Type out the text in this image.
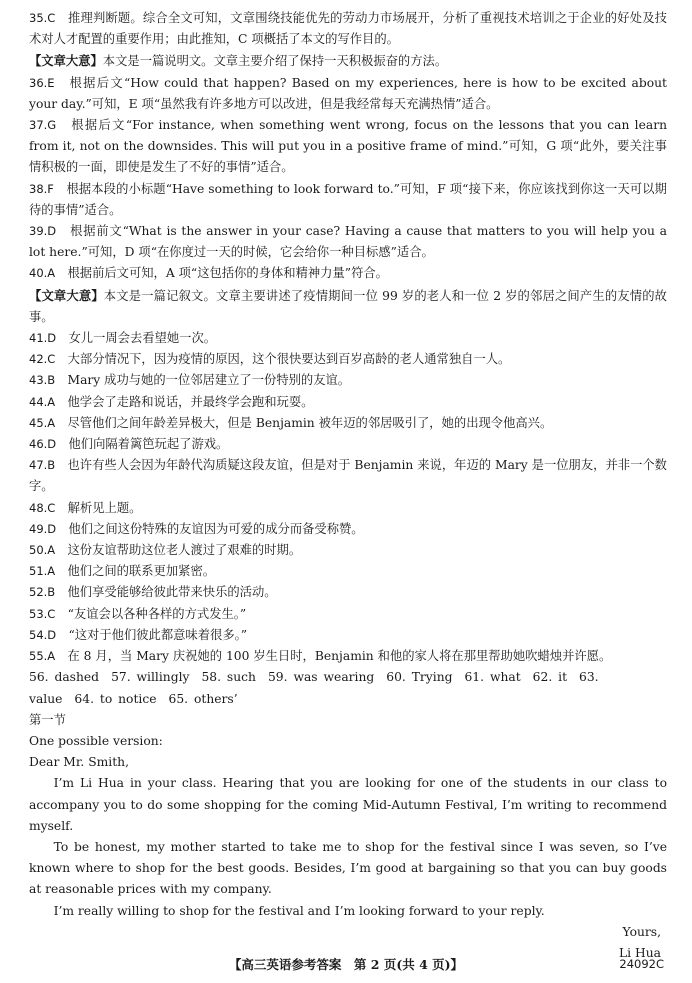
35.C　 推理判断题。综合全文可知，文章围绕技能优先的劳动力市场展开，分析了重视技术培训之于企业的好处及技术对人才配置的重要作用；由此推知，C 项概括了本文的写作目的。
【文章大意】本文是一篇说明文。文章主要介绍了保持一天积极振奋的方法。
36.E　 根据后文“How could that happen? Based on my experiences, here is how to be excited about your day.”可知，E 项“虽然我有许多地方可以改进，但是我经常每天充满热情”适合。
37.G　 根据后文“For instance, when something went wrong, focus on the lessons that you can learn from it, not on the downsides. This will put you in a positive frame of mind.”可知，G 项“此外，要关注事情积极的一面，即使是发生了不好的事情”适合。
38.F　 根据本段的小标题“Have something to look forward to.”可知，F 项“接下来，你应该找到你这一天可以期待的事情”适合。
39.D　 根据前文“What is the answer in your case? Having a cause that matters to you will help you a lot here.”可知，D 项“在你度过一天的时候，它会给你一种目标感”适合。
40.A　 根据前后文可知，A 项“这包括你的身体和精神力量”符合。
【文章大意】本文是一篇记叙文。文章主要讲述了疫情期间一位 99 岁的老人和一位 2 岁的邻居之间产生的友情的故事。
41.D　 女儿一周会去看望她一次。
42.C　 大部分情况下，因为疫情的原因，这个很快要达到百岁高龄的老人通常独自一人。
43.B　 Mary 成功与她的一位邻居建立了一份特别的友谊。
44.A　 他学会了走路和说话，并最终学会跑和玩耍。
45.A　 尽管他们之间年龄差异极大，但是 Benjamin 被年迈的邻居吸引了，她的出现令他高兴。
46.D　 他们向隔着篱笆玩起了游戏。
47.B　 也许有些人会因为年龄代沟质疑这段友谊，但是对于 Benjamin 来说，年迈的 Mary 是一位朋友，并非一个数字。
48.C　 解析见上题。
49.D　 他们之间这份特殊的友谊因为可爱的成分而备受称赞。
50.A　 这份友谊帮助这位老人渡过了艰难的时期。
51.A　 他们之间的联系更加紧密。
52.B　 他们享受能够给彼此带来快乐的活动。
53.C　 “友谊会以各种各样的方式发生。”
54.D　 “这对于他们彼此都意味着很多。”
55.A　 在 8 月，当 Mary 庆祝她的 100 岁生日时，Benjamin 和他的家人将在那里帮助她吹蜡烛并许愿。
56. dashed 57. willingly 58. such 59. was wearing 60. Trying 61. what 62. it 63. value 64. to notice 65. others’

第一节

One possible version:

Dear Mr. Smith,

I’m Li Hua in your class. Hearing that you are looking for one of the students in our class to accompany you to do some shopping for the coming Mid-Autumn Festival, I’m writing to recommend myself.

To be honest, my mother started to take me to shop for the festival since I was seven, so I’ve known where to shop for the best goods. Besides, I’m good at bargaining so that you can buy goods at reasonable prices with my company.

I’m really willing to shop for the festival and I’m looking forward to your reply.

Yours,

Li Hua

【高三英语参考答案　第 2 页(共 4 页)】	24092C
